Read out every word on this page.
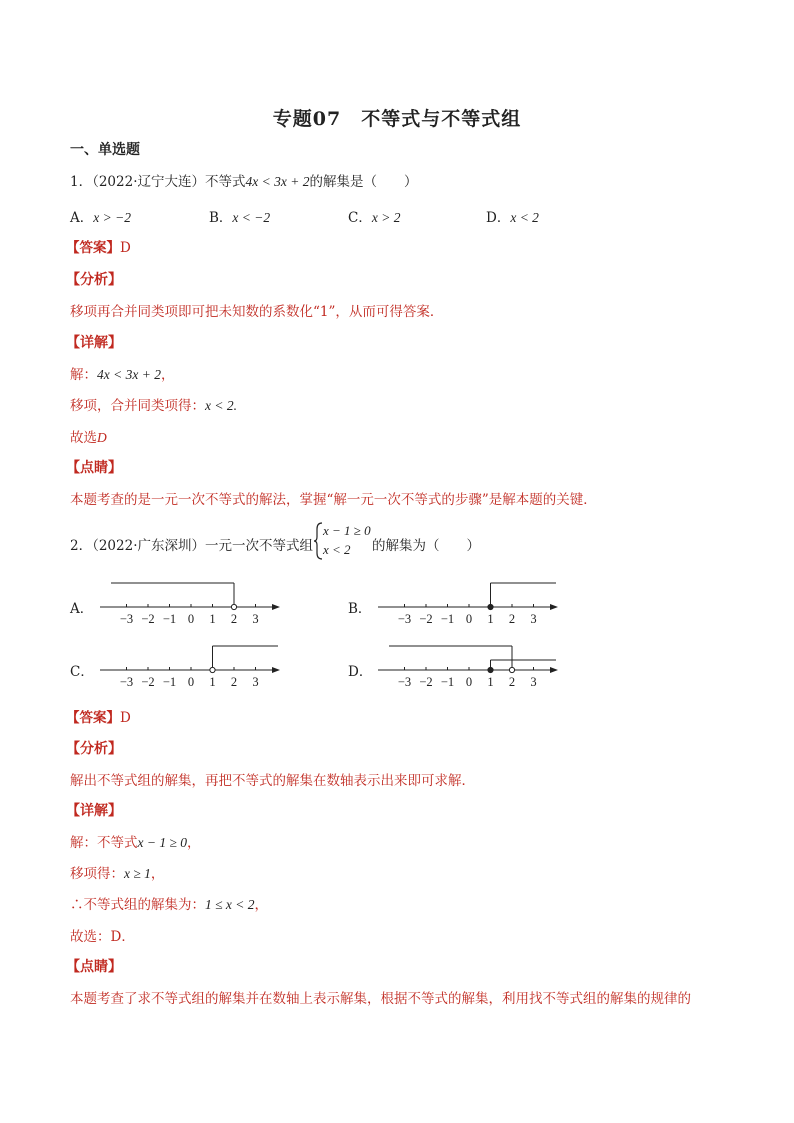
专题07　不等式与不等式组
一、单选题
1．（2022·辽宁大连）不等式4x < 3x + 2的解集是（　　）
A．x > −2	B．x < −2	C．x > 2	D．x < 2
【答案】D
【分析】
移项再合并同类项即可把未知数的系数化“1”，从而可得答案．
【详解】
解：4x < 3x + 2，
移项，合并同类项得：x < 2.
故选D
【点睛】
本题考查的是一元一次不等式的解法，掌握“解一元一次不等式的步骤”是解本题的关键．
2．（2022·广东深圳）一元一次不等式组
x − 1 ≥ 0
x < 2 的解集为（　　）
A．	B．
C．	D．
−3 −2 −1 0 1 2 3	−3 −2 −1 0 1 2 3
−3 −2 −1 0 1 2 3	−3 −2 −1 0 1 2 3
【答案】D
【分析】
解出不等式组的解集，再把不等式的解集在数轴表示出来即可求解．
【详解】
解：不等式x − 1 ≥ 0，
移项得：x ≥ 1，
∴不等式组的解集为：1 ≤ x < 2，
故选：D．
【点睛】
本题考查了求不等式组的解集并在数轴上表示解集，根据不等式的解集，利用找不等式组的解集的规律的
